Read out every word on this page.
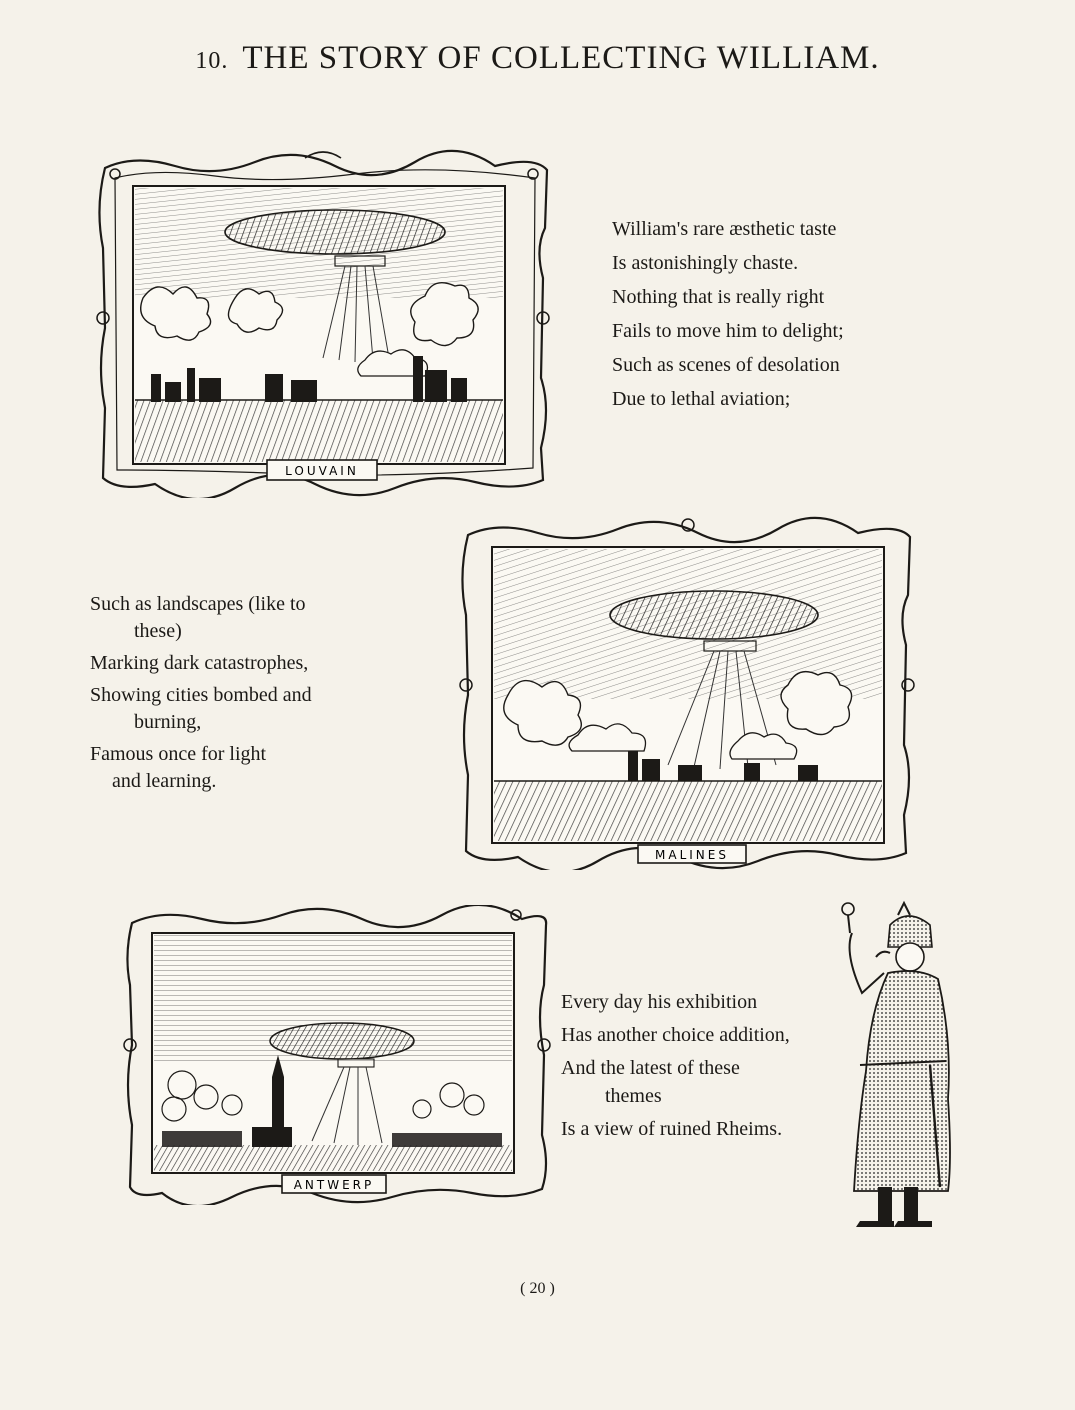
10. THE STORY OF COLLECTING WILLIAM.
LOUVAIN
William's rare æsthetic taste
Is astonishingly chaste.
Nothing that is really right
Fails to move him to delight;
Such as scenes of desolation
Due to lethal aviation;
MALINES
Such as landscapes (like to
these)
Marking dark catastrophes,
Showing cities bombed and
burning,
Famous once for light
and learning.
ANTWERP
Every day his exhibition
Has another choice addition,
And the latest of these
themes
Is a view of ruined Rheims.
( 20 )
